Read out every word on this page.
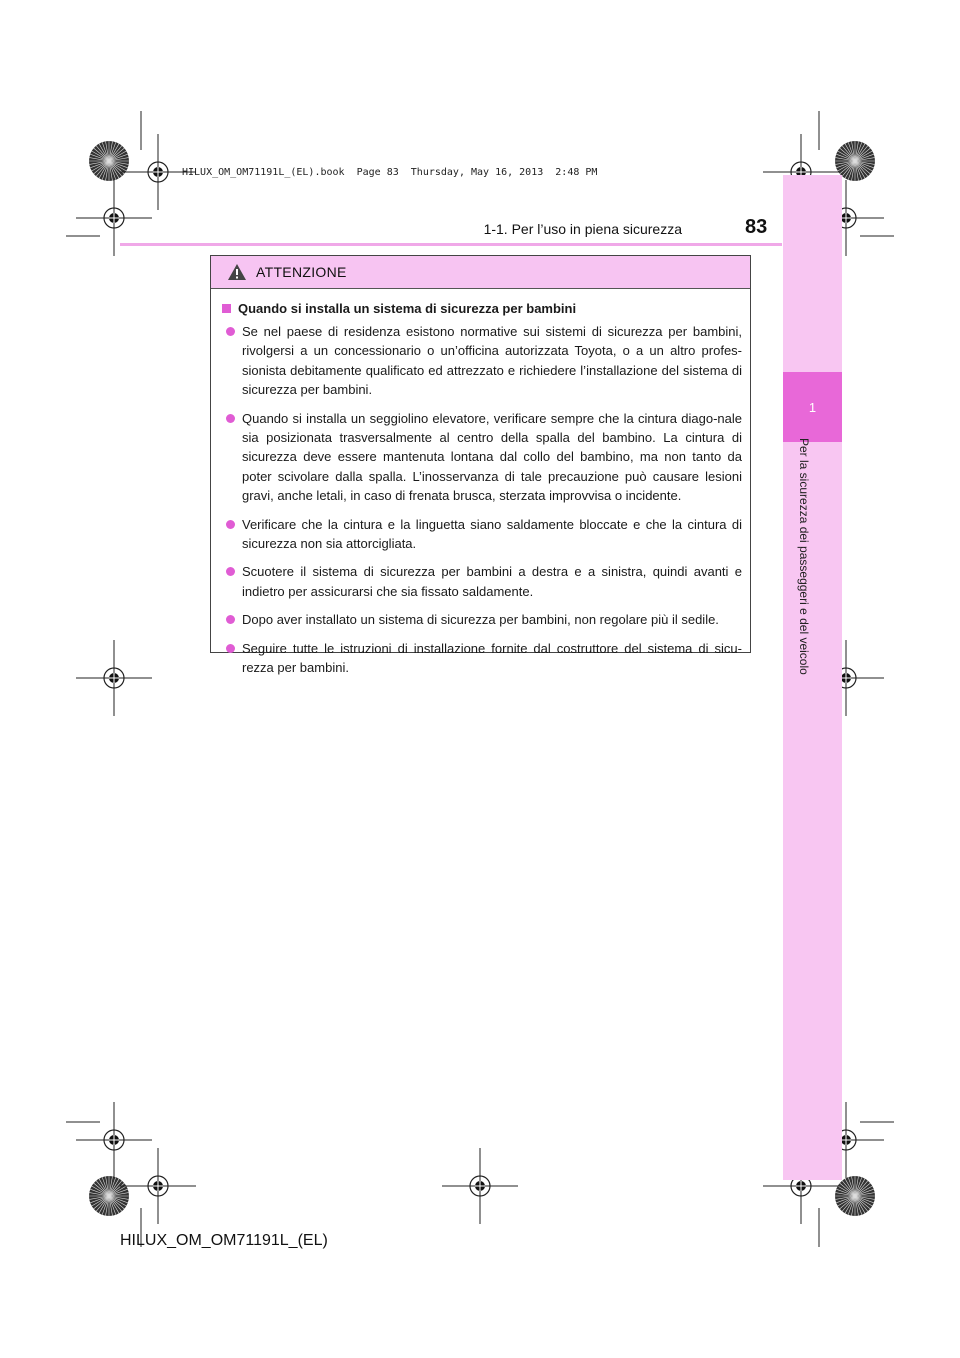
HILUX_OM_OM71191L_(EL).book  Page 83  Thursday, May 16, 2013  2:48 PM
1
Per la sicurezza dei passeggeri e del veicolo
1-1. Per l’uso in piena sicurezza	83
ATTENZIONE
Quando si installa un sistema di sicurezza per bambini
Se nel paese di residenza esistono normative sui sistemi di sicurezza per bambini, rivolgersi a un concessionario o un’officina autorizzata Toyota, o a un altro profes-sionista debitamente qualificato ed attrezzato e richiedere l’installazione del sistema di sicurezza per bambini.
Quando si installa un seggiolino elevatore, verificare sempre che la cintura diago-nale sia posizionata trasversalmente al centro della spalla del bambino. La cintura di sicurezza deve essere mantenuta lontana dal collo del bambino, ma non tanto da poter scivolare dalla spalla. L’inosservanza di tale precauzione può causare lesioni gravi, anche letali, in caso di frenata brusca, sterzata improvvisa o incidente.
Verificare che la cintura e la linguetta siano saldamente bloccate e che la cintura di sicurezza non sia attorcigliata.
Scuotere il sistema di sicurezza per bambini a destra e a sinistra, quindi avanti e indietro per assicurarsi che sia fissato saldamente.
Dopo aver installato un sistema di sicurezza per bambini, non regolare più il sedile.
Seguire tutte le istruzioni di installazione fornite dal costruttore del sistema di sicu-rezza per bambini.
HILUX_OM_OM71191L_(EL)
